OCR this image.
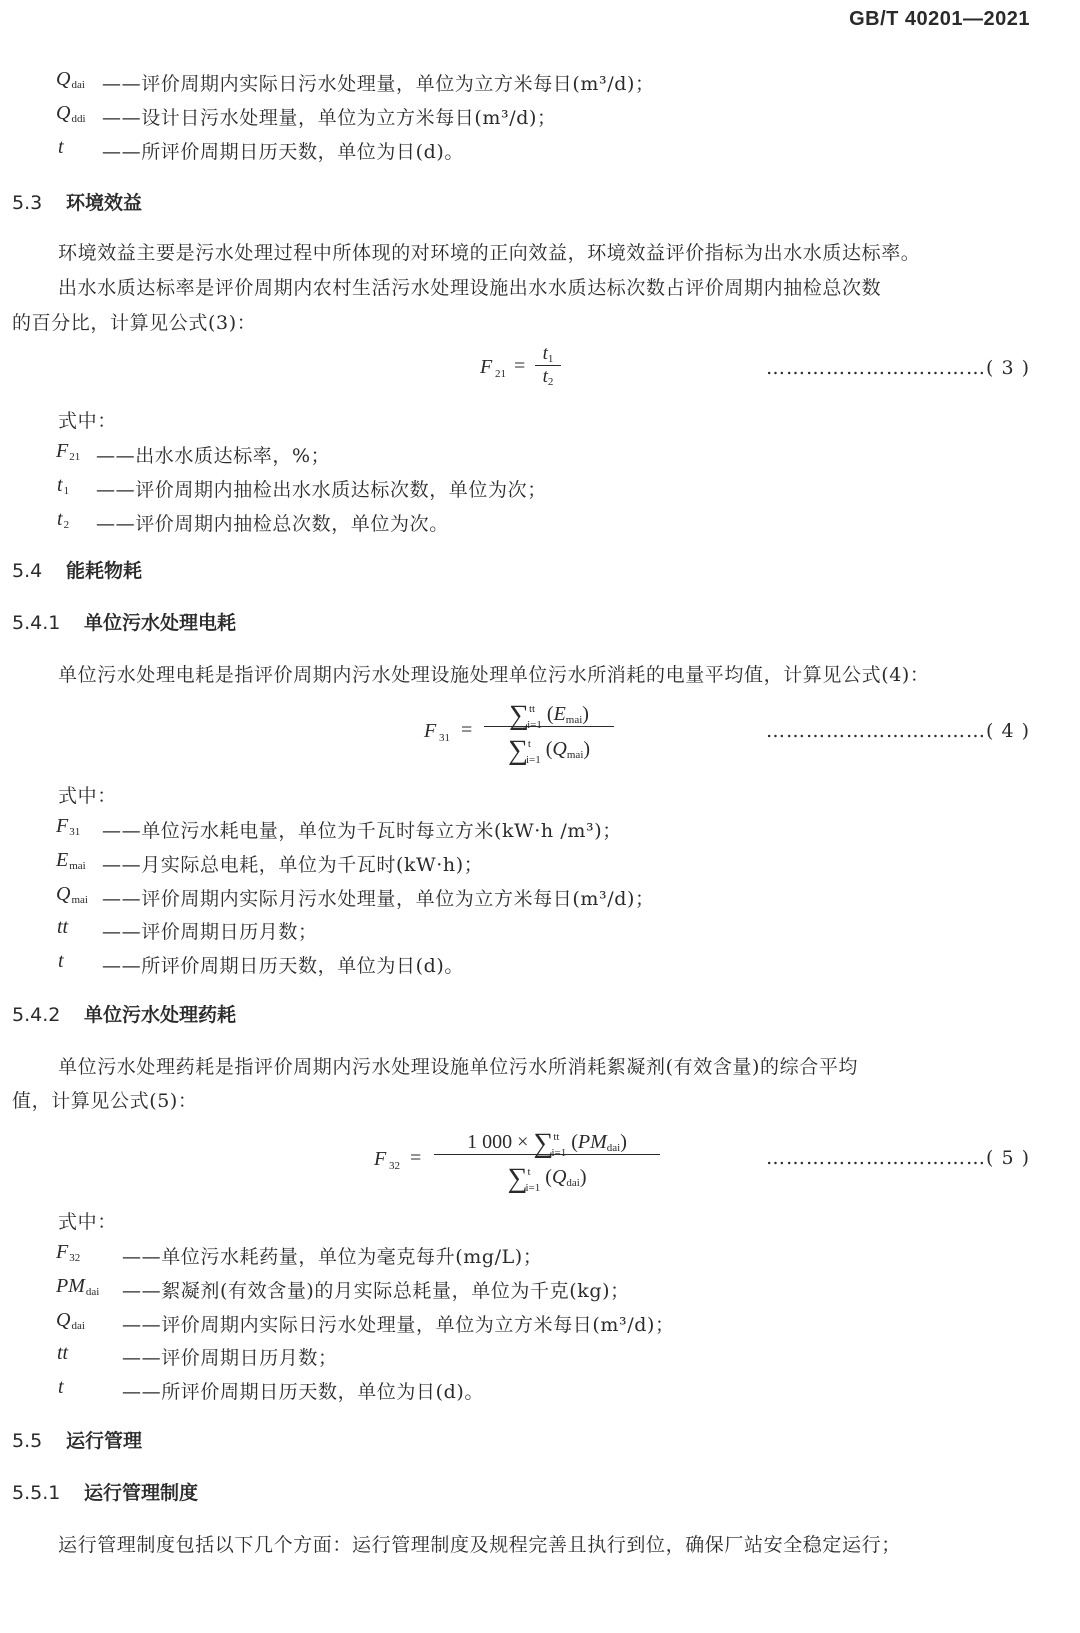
GB/T 40201—2021
$Q_{dai}$ ——评价周期内实际日污水处理量，单位为立方米每日(m³/d)；
$Q_{ddi}$ ——设计日污水处理量，单位为立方米每日(m³/d)；
t ——所评价周期日历天数，单位为日(d)。
5.3 环境效益
环境效益主要是污水处理过程中所体现的对环境的正向效益，环境效益评价指标为出水水质达标率。
出水水质达标率是评价周期内农村生活污水处理设施出水水质达标次数占评价周期内抽检总次数
的百分比，计算见公式(3)：
F $_{21}$ =
t1
t2
……………………………( 3 )
式中：
$F_{21}$ ——出水水质达标率，%；
$t_1$ ——评价周期内抽检出水水质达标次数，单位为次；
$t_2$ ——评价周期内抽检总次数，单位为次。
5.4 能耗物耗
5.4.1 单位污水处理电耗
单位污水处理电耗是指评价周期内污水处理设施处理单位污水所消耗的电量平均值，计算见公式(4)：
F $_{31}$ =	∑$^{tt}_{i=1}$ (Emai)
∑$^t_{i=1}$ (Qmai)
……………………………( 4 )
式中：
$F_{31}$ ——单位污水耗电量，单位为千瓦时每立方米(kW·h /m³)；
$E_{mai}$ ——月实际总电耗，单位为千瓦时(kW·h)；
$Q_{mai}$ ——评价周期内实际月污水处理量，单位为立方米每日(m³/d)；
tt ——评价周期日历月数；
t ——所评价周期日历天数，单位为日(d)。
5.4.2 单位污水处理药耗
单位污水处理药耗是指评价周期内污水处理设施单位污水所消耗絮凝剂(有效含量)的综合平均
值，计算见公式(5)：
F $_{32}$ =
1 000 × ∑$^{tt}_{i=1}$ (PMdai)
∑$^t_{i=1}$ (Qdai)
……………………………( 5 )
式中：
$F_{32}$ ——单位污水耗药量，单位为毫克每升(mg/L)；
$PM_{dai}$ ——絮凝剂(有效含量)的月实际总耗量，单位为千克(kg)；
$Q_{dai}$ ——评价周期内实际日污水处理量，单位为立方米每日(m³/d)；
tt	——评价周期日历月数；
t	——所评价周期日历天数，单位为日(d)。
5.5 运行管理
5.5.1 运行管理制度
运行管理制度包括以下几个方面：运行管理制度及规程完善且执行到位，确保厂站安全稳定运行；
